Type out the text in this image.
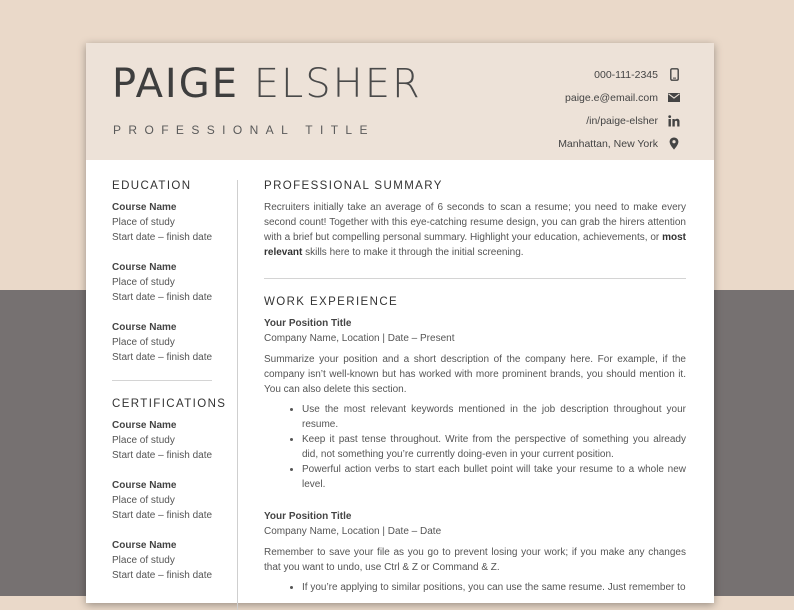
PAIGE ELSHER
PROFESSIONAL TITLE
000-111-2345
paige.e@email.com
/in/paige-elsher
Manhattan, New York
EDUCATION
Course Name
Place of study
Start date – finish date
Course Name
Place of study
Start date – finish date
Course Name
Place of study
Start date – finish date
CERTIFICATIONS
Course Name
Place of study
Start date – finish date
Course Name
Place of study
Start date – finish date
Course Name
Place of study
Start date – finish date
PROFESSIONAL SUMMARY

Recruiters initially take an average of 6 seconds to scan a resume; you need to make every second count! Together with this eye-catching resume design, you can grab the hirers attention with a brief but compelling personal summary. Highlight your education, achievements, or most relevant skills here to make it through the initial screening.

WORK EXPERIENCE
Your Position Title
Company Name, Location | Date – Present

Summarize your position and a short description of the company here. For example, if the company isn’t well-known but has worked with more prominent brands, you should mention it. You can also delete this section.

• Use the most relevant keywords mentioned in the job description throughout your resume.
• Keep it past tense throughout. Write from the perspective of something you already did, not something you’re currently doing-even in your current position.
• Powerful action verbs to start each bullet point will take your resume to a whole new level.
Your Position Title
Company Name, Location | Date – Date

Remember to save your file as you go to prevent losing your work; if you make any changes that you want to undo, use Ctrl & Z or Command & Z.

• If you’re applying to similar positions, you can use the same resume. Just remember to
